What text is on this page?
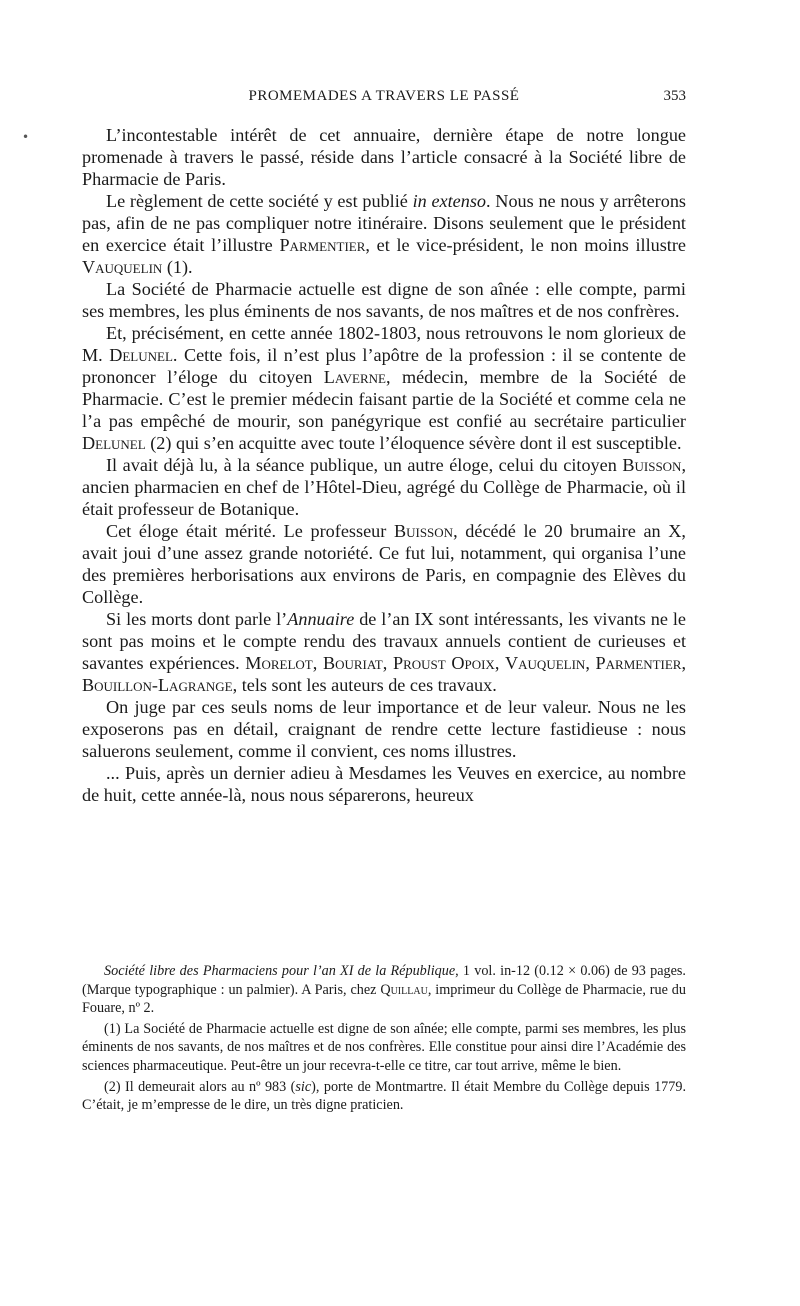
•
PROMEMADES A TRAVERS LE PASSÉ	353

L’incontestable intérêt de cet annuaire, dernière étape de notre longue promenade à travers le passé, réside dans l’article consacré à la Société libre de Pharmacie de Paris.

Le règlement de cette société y est publié in extenso. Nous ne nous y arrêterons pas, afin de ne pas compliquer notre itinéraire. Disons seulement que le président en exercice était l’illustre Parmentier, et le vice-président, le non moins illustre Vauquelin (1).

La Société de Pharmacie actuelle est digne de son aînée : elle compte, parmi ses membres, les plus éminents de nos savants, de nos maîtres et de nos confrères.

Et, précisément, en cette année 1802-1803, nous retrouvons le nom glorieux de M. Delunel. Cette fois, il n’est plus l’apôtre de la profession : il se contente de prononcer l’éloge du citoyen Laverne, médecin, membre de la Société de Pharmacie. C’est le premier médecin faisant partie de la Société et comme cela ne l’a pas empêché de mourir, son panégyrique est confié au secrétaire particulier Delunel (2) qui s’en acquitte avec toute l’éloquence sévère dont il est susceptible.

Il avait déjà lu, à la séance publique, un autre éloge, celui du citoyen Buisson, ancien pharmacien en chef de l’Hôtel-Dieu, agrégé du Collège de Pharmacie, où il était professeur de Botanique.

Cet éloge était mérité. Le professeur Buisson, décédé le 20 brumaire an X, avait joui d’une assez grande notoriété. Ce fut lui, notamment, qui organisa l’une des premières herborisations aux environs de Paris, en compagnie des Elèves du Collège.

Si les morts dont parle l’Annuaire de l’an IX sont intéressants, les vivants ne le sont pas moins et le compte rendu des travaux annuels contient de curieuses et savantes expériences. Morelot, Bouriat, Proust Opoix, Vauquelin, Parmentier, Bouillon-Lagrange, tels sont les auteurs de ces travaux.

On juge par ces seuls noms de leur importance et de leur valeur. Nous ne les exposerons pas en détail, craignant de rendre cette lecture fastidieuse : nous saluerons seulement, comme il convient, ces noms illustres.

... Puis, après un dernier adieu à Mesdames les Veuves en exercice, au nombre de huit, cette année-là, nous nous séparerons, heureux

Société libre des Pharmaciens pour l’an XI de la République, 1 vol. in-12 (0.12 × 0.06) de 93 pages. (Marque typographique : un palmier). A Paris, chez Quillau, imprimeur du Collège de Pharmacie, rue du Fouare, nº 2.

(1) La Société de Pharmacie actuelle est digne de son aînée; elle compte, parmi ses membres, les plus éminents de nos savants, de nos maîtres et de nos confrères. Elle constitue pour ainsi dire l’Académie des sciences pharmaceutique. Peut-être un jour recevra-t-elle ce titre, car tout arrive, même le bien.

(2) Il demeurait alors au nº 983 (sic), porte de Montmartre. Il était Membre du Collège depuis 1779. C’était, je m’empresse de le dire, un très digne praticien.
